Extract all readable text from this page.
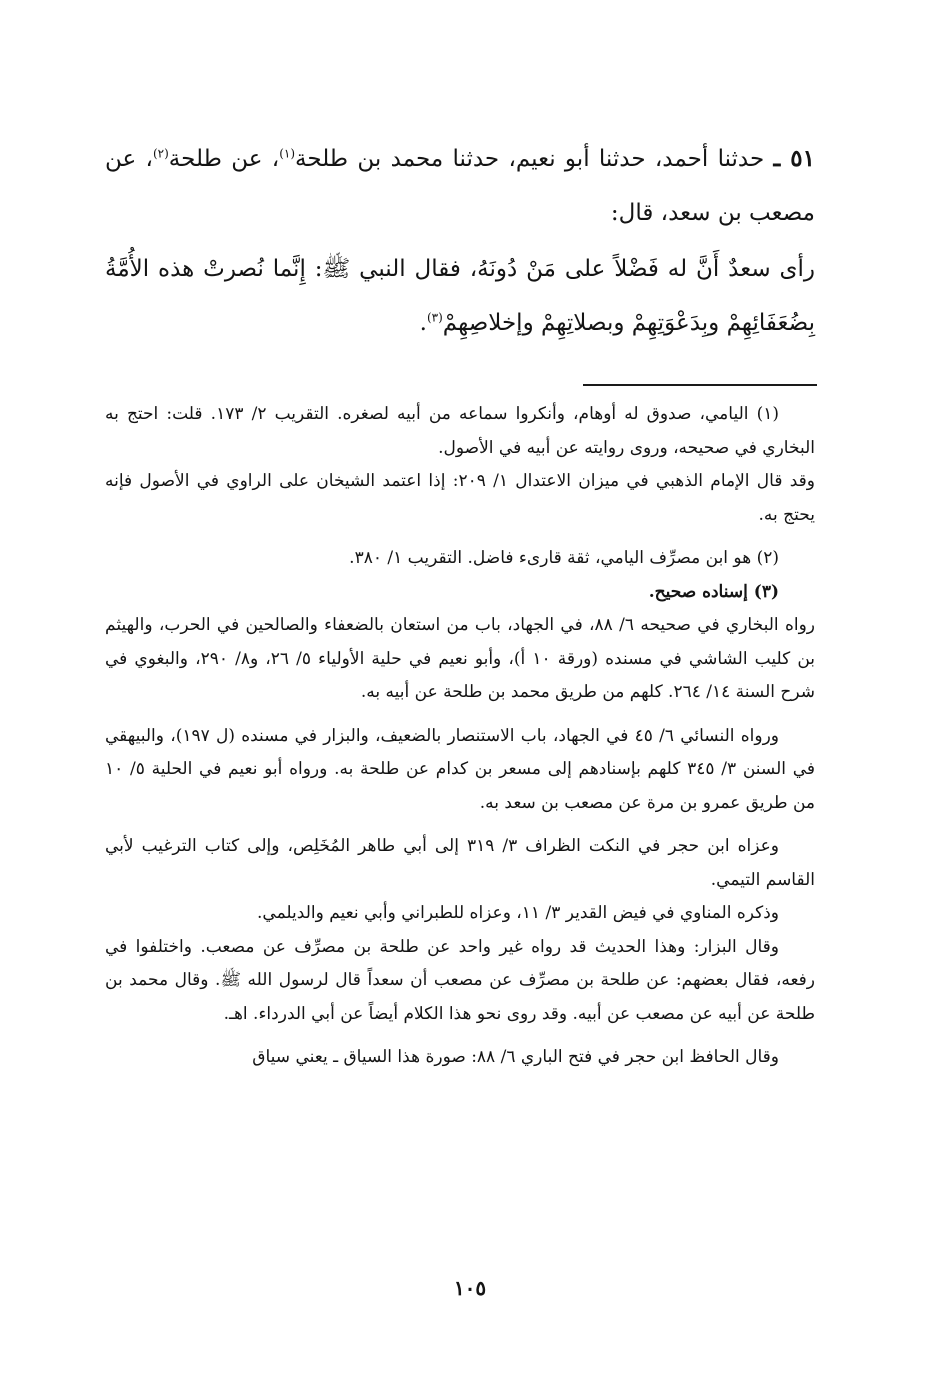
٥١ ـ حدثنا أحمد، حدثنا أبو نعيم، حدثنا محمد بن طلحة$^{(١)}$، عن طلحة$^{(٢)}$، عن مصعب بن سعد، قال:

رأى سعدٌ أَنَّ له فَضْلاً على مَنْ دُونَهُ، فقال النبي ﷺ: إِنَّما نُصرتْ هذه الأُمَّةُ بِضُعَفَائِهِمْ وبِدَعْوَتِهِمْ وبصلاتِهِمْ وإخلاصِهِمْ$^{(٣)}$.

(١) اليامي، صدوق له أوهام، وأنكروا سماعه من أبيه لصغره. التقريب ٢/ ١٧٣. قلت: احتج به البخاري في صحيحه، وروى روايته عن أبيه في الأصول.

وقد قال الإمام الذهبي في ميزان الاعتدال ١/ ٢٠٩: إذا اعتمد الشيخان على الراوي في الأصول فإنه يحتج به.

(٢) هو ابن مصرِّف اليامي، ثقة قارىء فاضل. التقريب ١/ ٣٨٠.

(٣) إسناده صحيح.

رواه البخاري في صحيحه ٦/ ٨٨، في الجهاد، باب من استعان بالضعفاء والصالحين في الحرب، والهيثم بن كليب الشاشي في مسنده (ورقة ١٠ أ)، وأبو نعيم في حلية الأولياء ٥/ ٢٦، و٨/ ٢٩٠، والبغوي في شرح السنة ١٤/ ٢٦٤. كلهم من طريق محمد بن طلحة عن أبيه به.

ورواه النسائي ٦/ ٤٥ في الجهاد، باب الاستنصار بالضعيف، والبزار في مسنده (ل ١٩٧)، والبيهقي في السنن ٣/ ٣٤٥ كلهم بإسنادهم إلى مسعر بن كدام عن طلحة به. ورواه أبو نعيم في الحلية ٥/ ١٠ من طريق عمرو بن مرة عن مصعب بن سعد به.

وعزاه ابن حجر في النكت الظراف ٣/ ٣١٩ إلى أبي طاهر المُخَلِص، وإلى كتاب الترغيب لأبي القاسم التيمي.

وذكره المناوي في فيض القدير ٣/ ١١، وعزاه للطبراني وأبي نعيم والديلمي.

وقال البزار: وهذا الحديث قد رواه غير واحد عن طلحة بن مصرِّف عن مصعب. واختلفوا في رفعه، فقال بعضهم: عن طلحة بن مصرِّف عن مصعب أن سعداً قال لرسول الله ﷺ. وقال محمد بن طلحة عن أبيه عن مصعب عن أبيه. وقد روى نحو هذا الكلام أيضاً عن أبي الدرداء. اهـ.

وقال الحافظ ابن حجر في فتح الباري ٦/ ٨٨: صورة هذا السياق ـ يعني سياق

١٠٥
